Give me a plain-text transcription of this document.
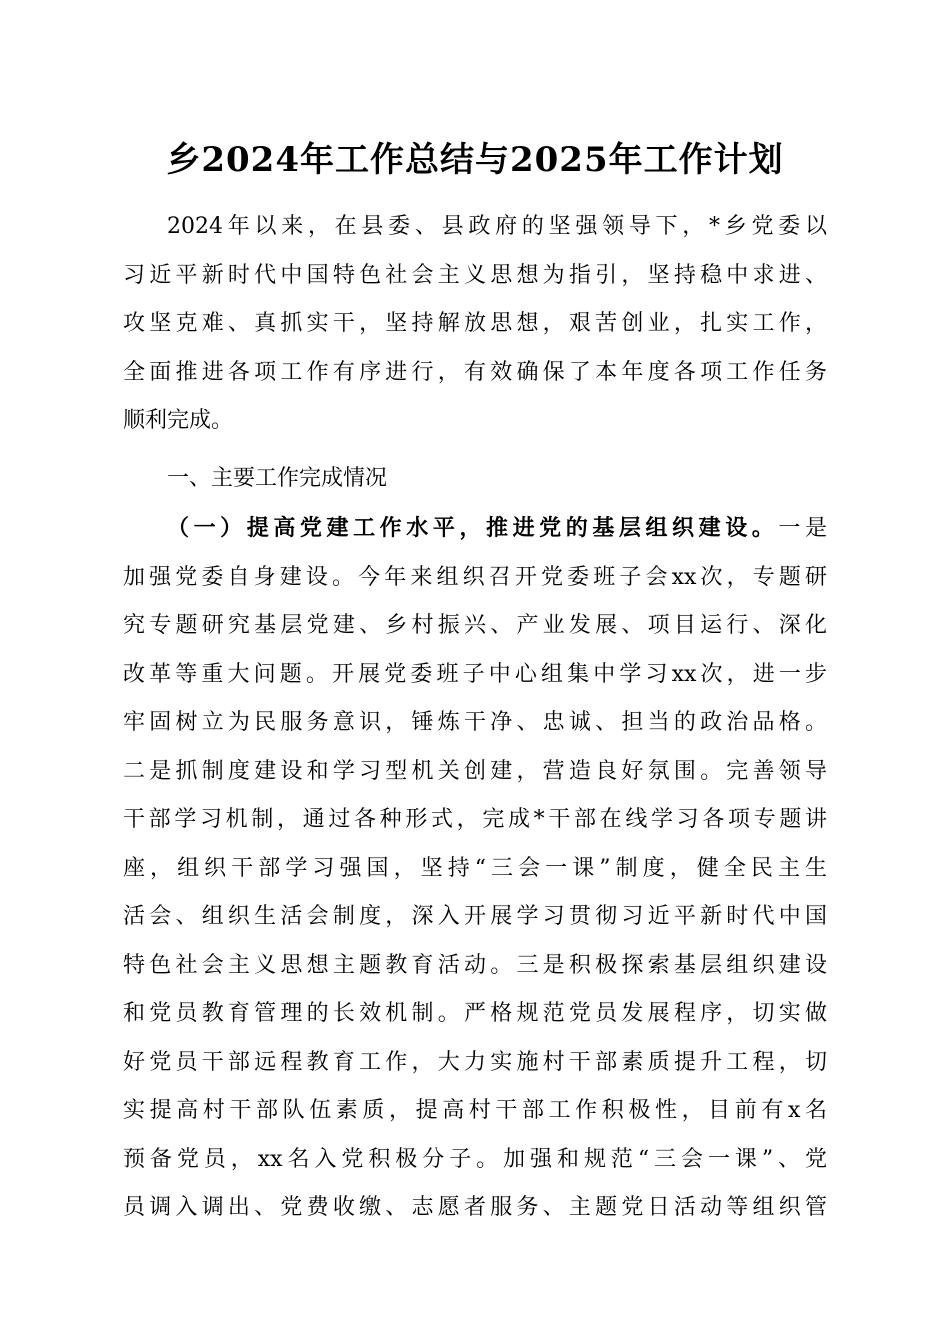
乡2024年工作总结与2025年工作计划
2024年以来，在县委、县政府的坚强领导下，*乡党委以
习近平新时代中国特色社会主义思想为指引，坚持稳中求进、
攻坚克难、真抓实干，坚持解放思想，艰苦创业，扎实工作，
全面推进各项工作有序进行，有效确保了本年度各项工作任务
顺利完成。
一、主要工作完成情况
（一）提高党建工作水平，推进党的基层组织建设。一是
加强党委自身建设。今年来组织召开党委班子会xx次，专题研
究专题研究基层党建、乡村振兴、产业发展、项目运行、深化
改革等重大问题。开展党委班子中心组集中学习xx次，进一步
牢固树立为民服务意识，锤炼干净、忠诚、担当的政治品格。
二是抓制度建设和学习型机关创建，营造良好氛围。完善领导
干部学习机制，通过各种形式，完成*干部在线学习各项专题讲
座，组织干部学习强国，坚持“三会一课”制度，健全民主生
活会、组织生活会制度，深入开展学习贯彻习近平新时代中国
特色社会主义思想主题教育活动。三是积极探索基层组织建设
和党员教育管理的长效机制。严格规范党员发展程序，切实做
好党员干部远程教育工作，大力实施村干部素质提升工程，切
实提高村干部队伍素质，提高村干部工作积极性，目前有x名
预备党员，xx名入党积极分子。加强和规范“三会一课”、党
员调入调出、党费收缴、志愿者服务、主题党日活动等组织管
